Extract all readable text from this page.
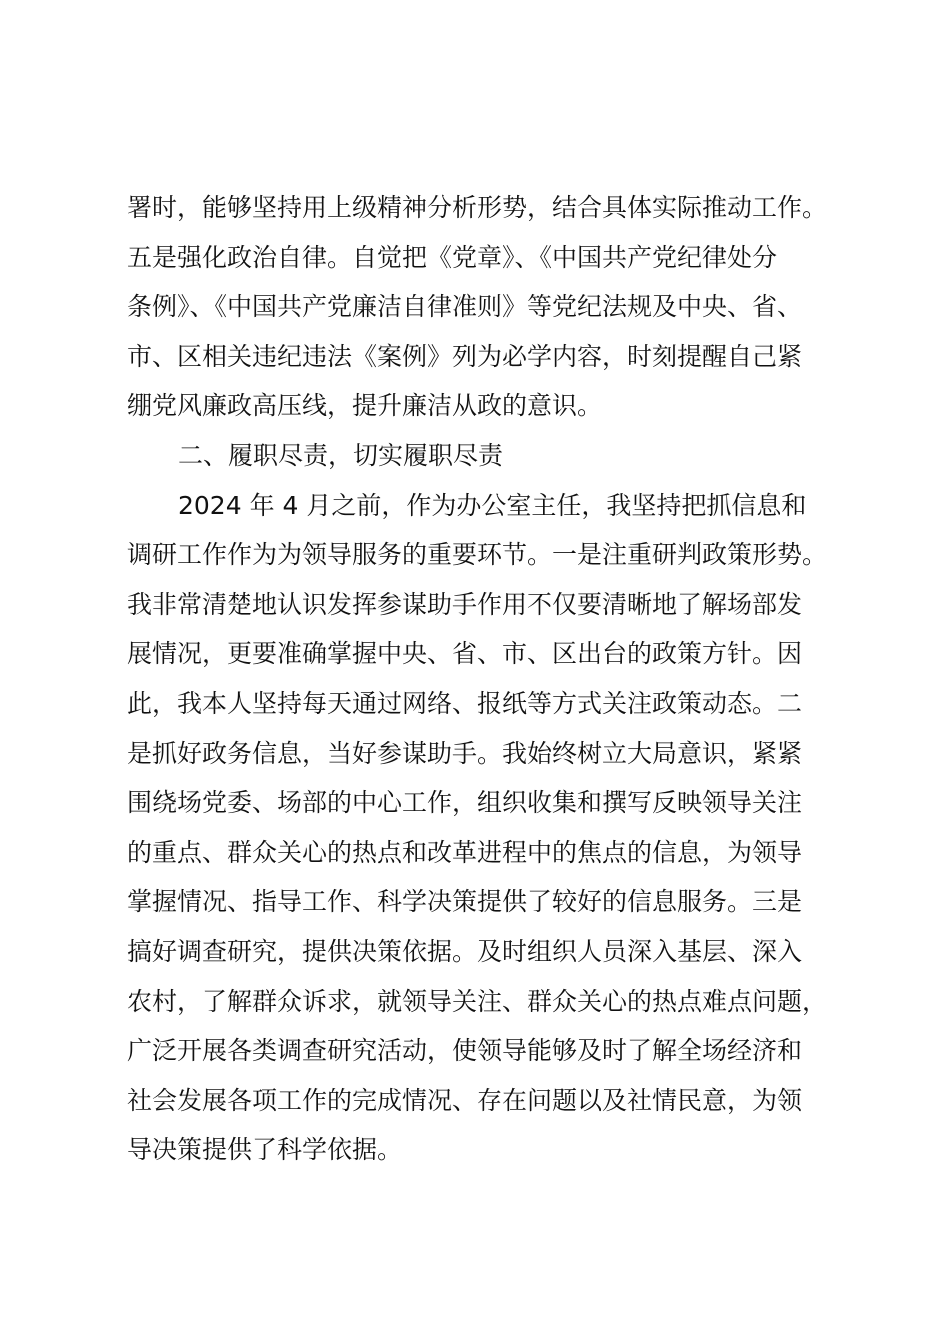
署时，能够坚持用上级精神分析形势，结合具体实际推动工作。
五是强化政治自律。自觉把《党章》、《中国共产党纪律处分
条例》、《中国共产党廉洁自律准则》等党纪法规及中央、省、
市、区相关违纪违法《案例》列为必学内容，时刻提醒自己紧
绷党风廉政高压线，提升廉洁从政的意识。
二、履职尽责，切实履职尽责
2024 年 4 月之前，作为办公室主任，我坚持把抓信息和
调研工作作为为领导服务的重要环节。一是注重研判政策形势。
我非常清楚地认识发挥参谋助手作用不仅要清晰地了解场部发
展情况，更要准确掌握中央、省、市、区出台的政策方针。因
此，我本人坚持每天通过网络、报纸等方式关注政策动态。二
是抓好政务信息，当好参谋助手。我始终树立大局意识，紧紧
围绕场党委、场部的中心工作，组织收集和撰写反映领导关注
的重点、群众关心的热点和改革进程中的焦点的信息，为领导
掌握情况、指导工作、科学决策提供了较好的信息服务。三是
搞好调查研究，提供决策依据。及时组织人员深入基层、深入
农村，了解群众诉求，就领导关注、群众关心的热点难点问题，
广泛开展各类调查研究活动，使领导能够及时了解全场经济和
社会发展各项工作的完成情况、存在问题以及社情民意，为领
导决策提供了科学依据。
